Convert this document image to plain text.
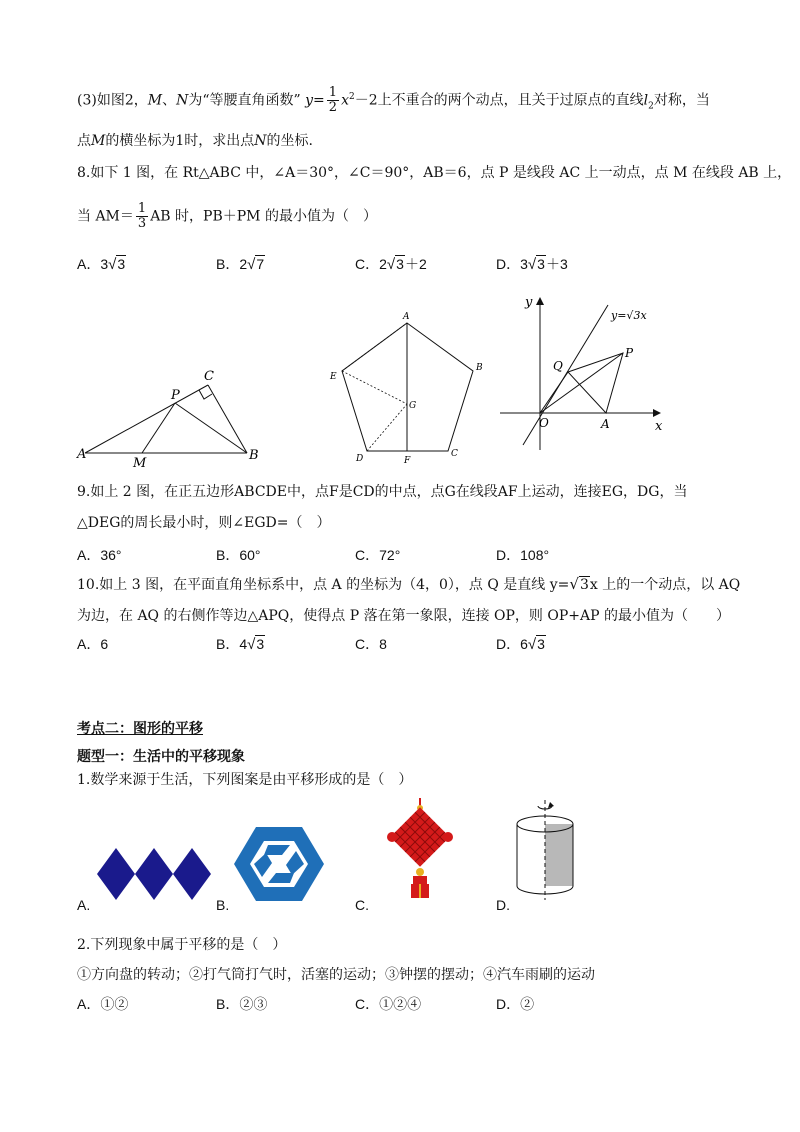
(3)如图2，M、N为“等腰直角函数” $y= \frac{1}{2} x^2-2$上不重合的两个动点，且关于过原点的直线$l_2$对称，当
点M的横坐标为1时，求出点N的坐标.
8.如下 1 图，在 Rt△ABC 中，∠A＝30°，∠C＝90°，AB＝6，点 P 是线段 AC 上一动点，点 M 在线段 AB 上，
当 $AM= \frac{1}{3}$ AB 时，PB＋PM 的最小值为（　）
A．3√3	B．2√7	C．2√3＋2	D．3√3＋3
A	B
C
P
M
A
B
C
D
E
F
G
y
x
y=√3x
Q
P
O	A
9.如上 2 图，在正五边形ABCDE中，点F是CD的中点，点G在线段AF上运动，连接EG，DG，当
△DEG的周长最小时，则∠EGD=（　）
A．36°	B．60°	C．72°	D．108°
10.如上 3 图，在平面直角坐标系中，点 A 的坐标为（4，0），点 Q 是直线 y=√3x 上的一个动点，以 AQ
为边，在 AQ 的右侧作等边△APQ，使得点 P 落在第一象限，连接 OP，则 OP+AP 的最小值为（　　）
A．6	B．4√3	C．8	D．6√3
考点二：图形的平移
题型一：生活中的平移现象
1.数学来源于生活，下列图案是由平移形成的是（　）
A.	B.	C.	D.
2.下列现象中属于平移的是（　）
①方向盘的转动；②打气筒打气时，活塞的运动；③钟摆的摆动；④汽车雨刷的运动
A．①②	B．②③	C．①②④	D．②
